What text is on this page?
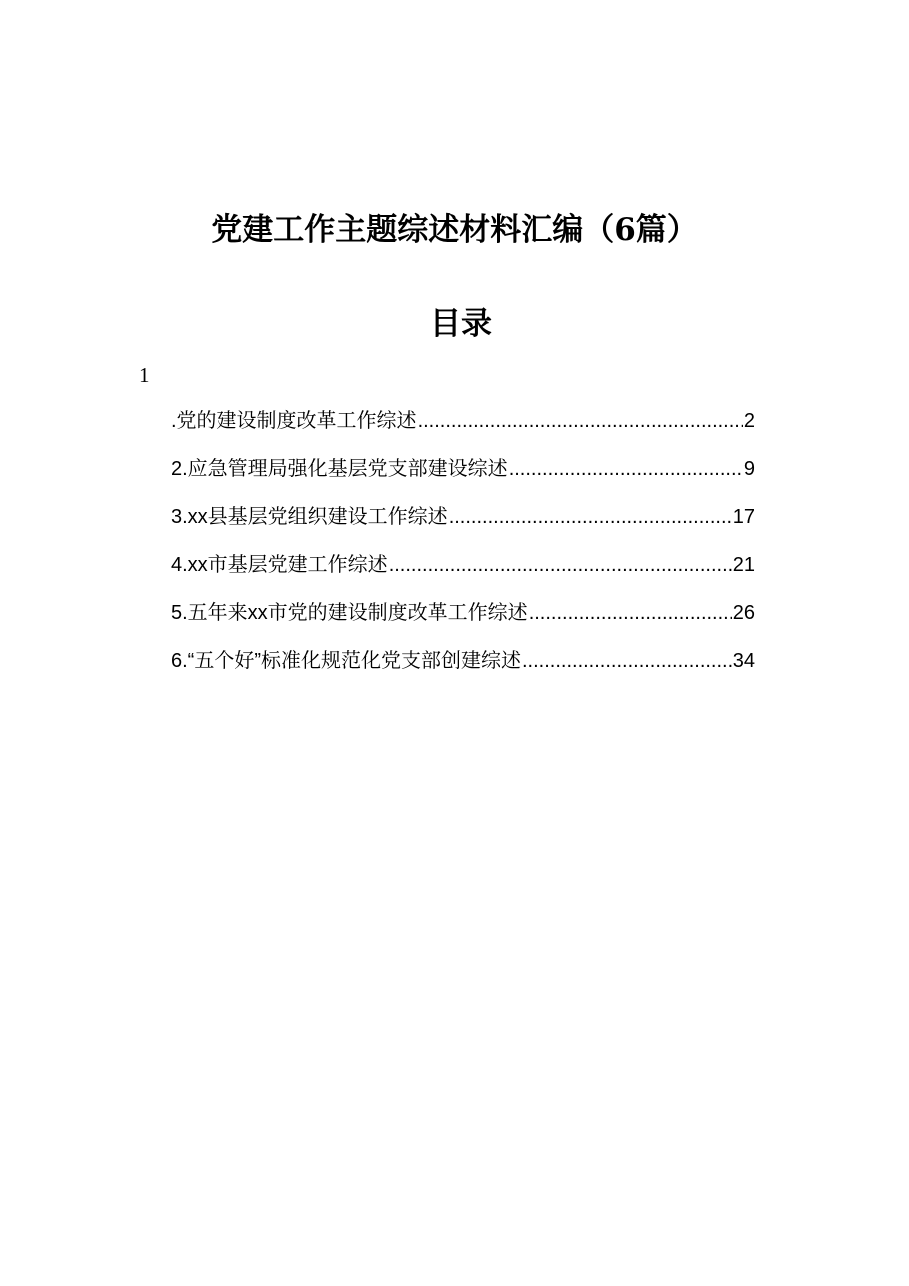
党建工作主题综述材料汇编（6篇）
目录
1
.党的建设制度改革工作综述 .....	2
2.应急管理局强化基层党支部建设综述 .....	9
3.xx县基层党组织建设工作综述 .....	17
4.xx市基层党建工作综述 .....	21
5.五年来xx市党的建设制度改革工作综述 .....	26
6.“五个好”标准化规范化党支部创建综述 .....	34
